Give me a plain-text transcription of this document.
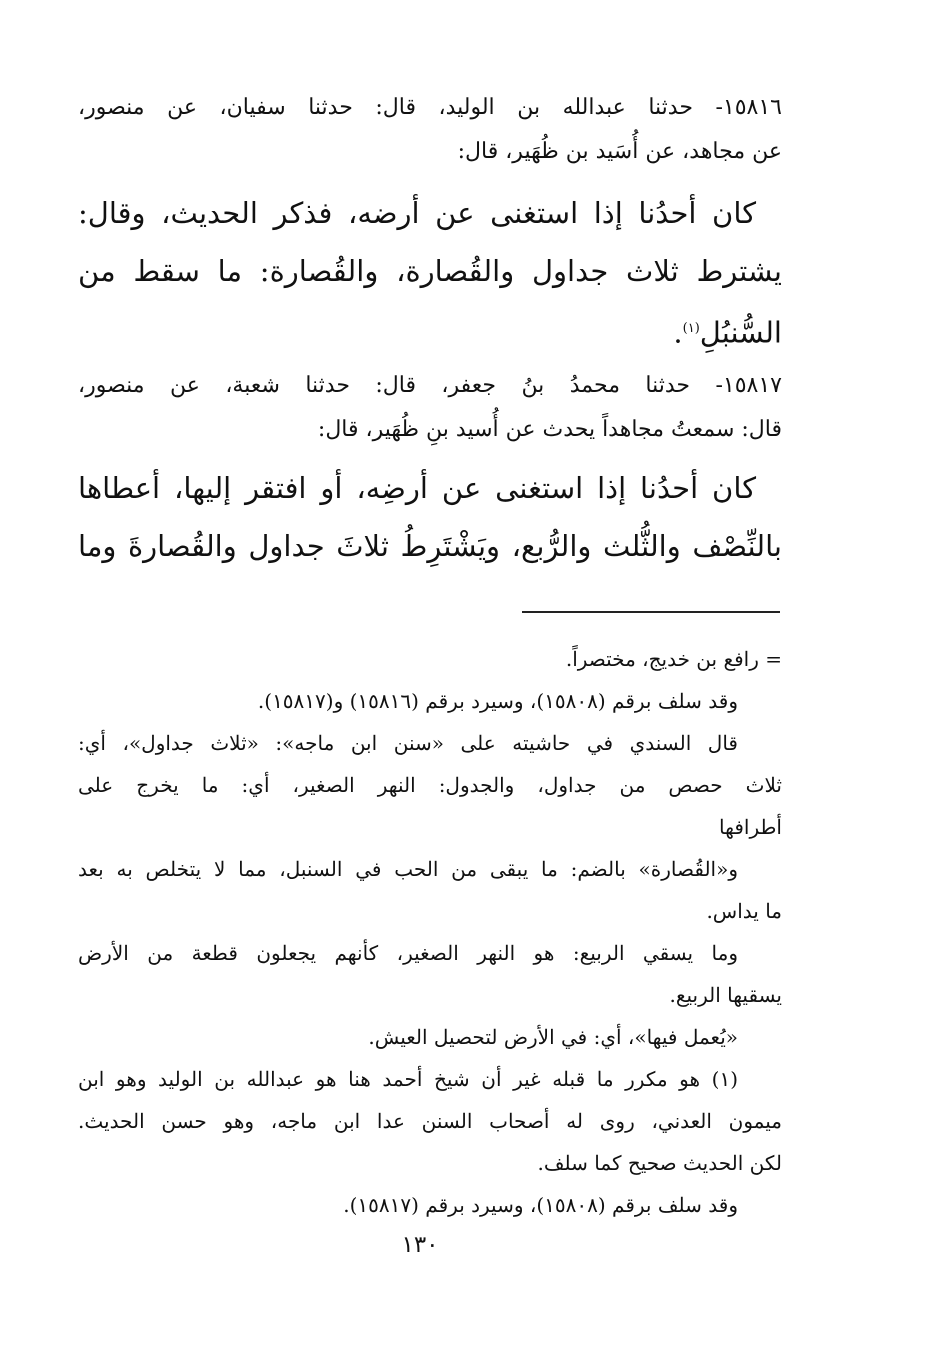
١٥٨١٦- حدثنا عبدالله بن الوليد، قال: حدثنا سفيان، عن منصور،
عن مجاهد، عن أُسَيد بن ظُهَير، قال:
كان أحدُنا إذا استغنى عن أرضه، فذكر الحديث، وقال:
يشترط ثلاث جداول والقُصارة، والقُصارة: ما سقط من
السُّنبُلِ$^{(١)}$.
١٥٨١٧- حدثنا محمدُ بنُ جعفر، قال: حدثنا شعبة، عن منصور،
قال: سمعتُ مجاهداً يحدث عن أُسيد بنِ ظُهَير، قال:
كان أحدُنا إذا استغنى عن أرضِه، أو افتقر إليها، أعطاها
بالنِّصْف والثُّلث والرُّبع، ويَشْتَرِطُ ثلاثَ جداول والقُصارةَ وما
= رافع بن خديج، مختصراً.
وقد سلف برقم (١٥٨٠٨)، وسيرد برقم (١٥٨١٦) و(١٥٨١٧).
قال السندي في حاشيته على «سنن ابن ماجه»: «ثلاث جداول»، أي:
ثلاث حصص من جداول، والجدول: النهر الصغير، أي: ما يخرج على
أطرافها
و«القُصارة» بالضم: ما يبقى من الحب في السنبل، مما لا يتخلص به بعد
ما يداس.
وما يسقي الربيع: هو النهر الصغير، كأنهم يجعلون قطعة من الأرض
يسقيها الربيع.
«يُعمل فيها»، أي: في الأرض لتحصيل العيش.
(١) هو مكرر ما قبله غير أن شيخ أحمد هنا هو عبدالله بن الوليد وهو ابن
ميمون العدني، روى له أصحاب السنن عدا ابن ماجه، وهو حسن الحديث.
لكن الحديث صحيح كما سلف.
وقد سلف برقم (١٥٨٠٨)، وسيرد برقم (١٥٨١٧).
١٣٠
